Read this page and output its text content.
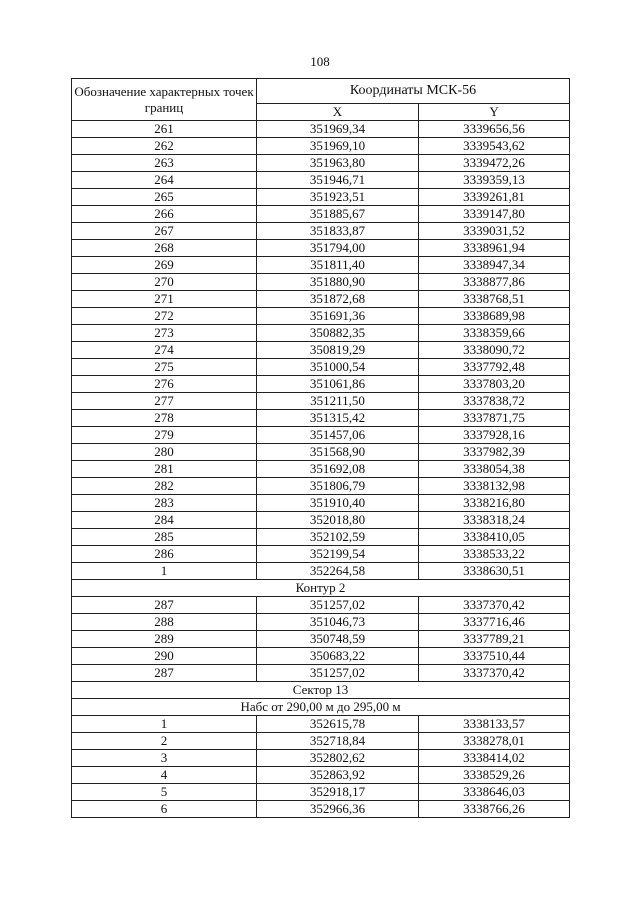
108
Обозначение характерных точек границ	Координаты МСК-56	
	X	Y
261	351969,34	3339656,56
262	351969,10	3339543,62
263	351963,80	3339472,26
264	351946,71	3339359,13
265	351923,51	3339261,81
266	351885,67	3339147,80
267	351833,87	3339031,52
268	351794,00	3338961,94
269	351811,40	3338947,34
270	351880,90	3338877,86
271	351872,68	3338768,51
272	351691,36	3338689,98
273	350882,35	3338359,66
274	350819,29	3338090,72
275	351000,54	3337792,48
276	351061,86	3337803,20
277	351211,50	3337838,72
278	351315,42	3337871,75
279	351457,06	3337928,16
280	351568,90	3337982,39
281	351692,08	3338054,38
282	351806,79	3338132,98
283	351910,40	3338216,80
284	352018,80	3338318,24
285	352102,59	3338410,05
286	352199,54	3338533,22
1	352264,58	3338630,51
Контур 2		
287	351257,02	3337370,42
288	351046,73	3337716,46
289	350748,59	3337789,21
290	350683,22	3337510,44
287	351257,02	3337370,42
Сектор 13		
Набс от 290,00 м до 295,00 м		
1	352615,78	3338133,57
2	352718,84	3338278,01
3	352802,62	3338414,02
4	352863,92	3338529,26
5	352918,17	3338646,03
6	352966,36	3338766,26
